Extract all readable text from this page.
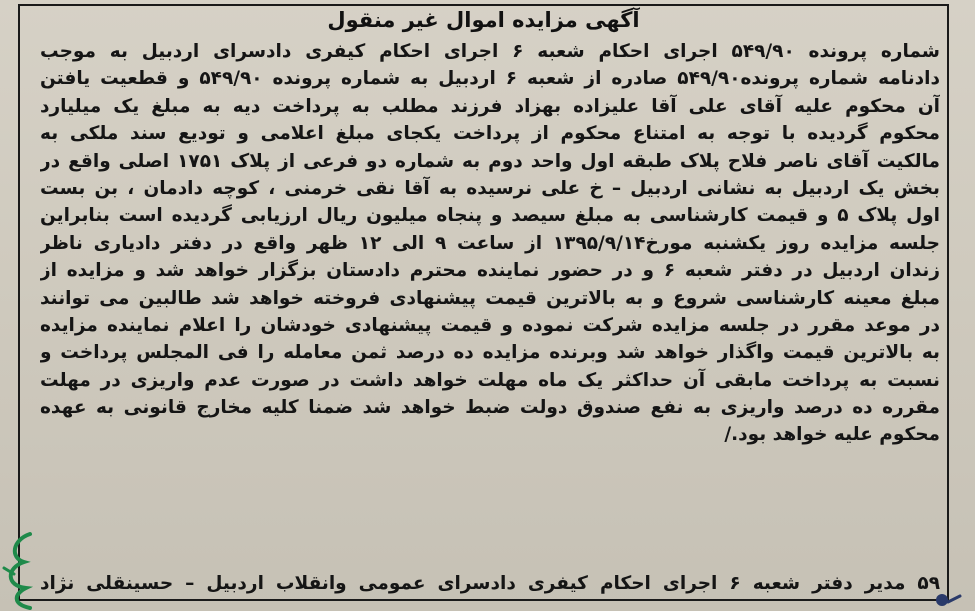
آگهی مزایده اموال غیر منقول
شماره پرونده ۵۴۹/۹۰ اجرای احکام شعبه ۶ اجرای احکام کیفری دادسرای اردبیل به موجب
دادنامه شماره پرونده۵۴۹/۹۰ صادره از شعبه ۶ اردبیل به شماره پرونده ۵۴۹/۹۰ و قطعیت یافتن
آن محکوم علیه آقای علی آقا علیزاده بهزاد فرزند مطلب به پرداخت دیه به مبلغ یک میلیارد
محکوم گردیده با توجه به امتناع محکوم از پرداخت یکجای مبلغ اعلامی و تودیع سند ملکی به
مالکیت آقای ناصر فلاح پلاک طبقه اول واحد دوم به شماره دو فرعی از پلاک ۱۷۵۱ اصلی واقع در
بخش یک اردبیل به نشانی اردبیل – خ علی نرسیده به آقا نقی خرمنی ، کوچه دادمان ، بن بست
اول پلاک ۵ و قیمت کارشناسی به مبلغ سیصد و پنجاه میلیون ریال ارزیابی گردیده است بنابراین
جلسه مزایده روز یکشنبه مورخ۱۳۹۵/۹/۱۴ از ساعت ۹ الی ۱۲ ظهر واقع در دفتر دادیاری ناظر
زندان اردبیل در دفتر شعبه ۶ و در حضور نماینده محترم دادستان بزگزار خواهد شد و مزایده از
مبلغ معینه کارشناسی شروع و به بالاترین قیمت پیشنهادی فروخته خواهد شد طالبین می توانند
در موعد مقرر در جلسه مزایده شرکت نموده و قیمت پیشنهادی خودشان را اعلام نماینده مزایده
به بالاترین قیمت واگذار خواهد شد وبرنده مزایده ده درصد ثمن معامله را فی المجلس پرداخت و
نسبت به پرداخت مابقی آن حداکثر یک ماه مهلت خواهد داشت در صورت عدم واریزی در مهلت
مقرره ده درصد واریزی به نفع صندوق دولت ضبط خواهد شد ضمنا کلیه مخارج قانونی به عهده
محکوم علیه خواهد بود./
۵۹ مدیر دفتر شعبه ۶ اجرای احکام کیفری دادسرای عمومی وانقلاب اردبیل – حسینقلی نژاد
